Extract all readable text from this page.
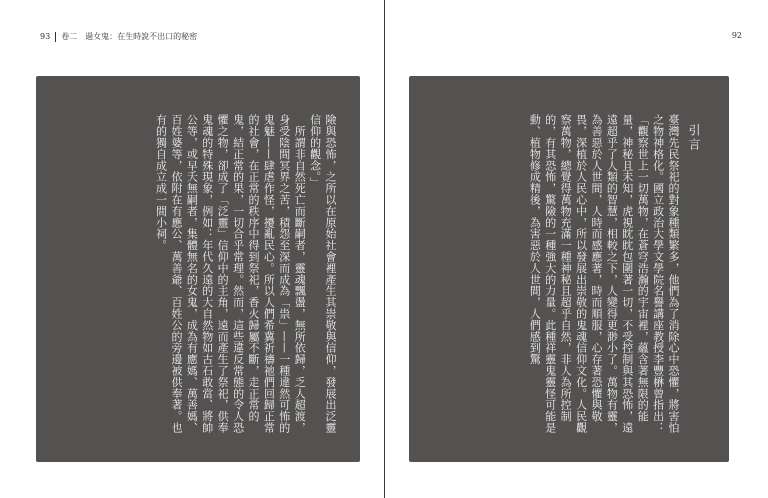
93 卷二　過女鬼：在生時說不出口的秘密
險與恐怖，之所以在原始社會裡產生其崇敬與信仰，發展出泛靈信仰的觀念。」
　所謂非自然死亡而斷嗣者，靈魂飄盪，無所依歸，乏人超渡，身受陰間冥界之苦，積怨至深而成為「祟」——一種違然可怖的鬼魅——肆虐作怪，擾亂民心。所以人們希冀祈禱祂們回歸正常的社會，在正常的秩序中得到祭祀，香火歸屬不斷，走正常的鬼，結正常的果，一切合乎常理。然而，這些違反常態的令人恐懼之物，卻成了「泛靈」信仰中的主角，遠而產生了祭祀，供奉鬼魂的特殊現象，例如：年代久遠的大自然物如古石敢當、將帥公等，或早夭無嗣者，集體無名的女鬼，成為有應媽、萬善媽、百姓婆等，依附在有應公、萬善爺、百姓公的旁邊被供奉著。也有的獨自成立成一間小祠。
92
引言
臺灣先民祭祀的對象種類繁多，他們為了消除心中恐懼，將害怕之物神格化。國立政治大學文學院名譽講座教授李豐楙曾指出：「觀察世上一切萬物，在蒼穹浩瀚的宇宙裡，蘊含著無限的能量，神秘且未知，虎視眈眈包圍著一切，不受控制與其恐怖，遠遠超乎了人類的智慧，相較之下，人變得更渺小了。萬物有靈，為善惡於人世間，人時而感應著，時而順服，心存著恐懼與敬畏，深植於人民心中，所以發展出崇敬的鬼魂信仰文化。人民觀察萬物，總覺得萬物充滿一種神秘且超乎自然，非人為所控制的，有其恐怖，驚險的一種強大的力量。此種祥靈鬼靈怪可能是動、植物修成精後，為害惡於人世間，人們感到驚
